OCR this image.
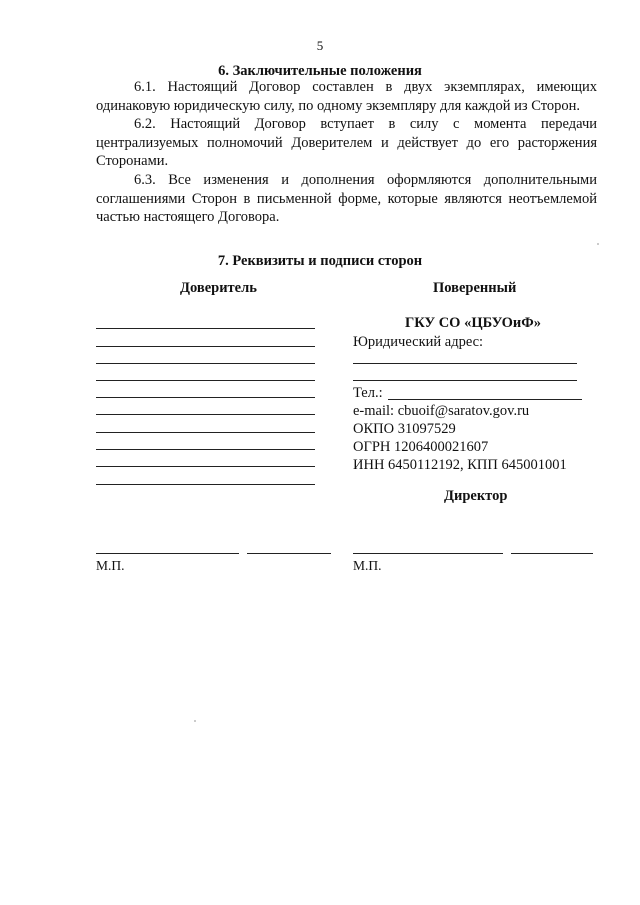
5
6. Заключительные положения

6.1. Настоящий Договор составлен в двух экземплярах, имеющих одинаковую юридическую силу, по одному экземпляру для каждой из Сторон.

6.2. Настоящий Договор вступает в силу с момента передачи централизуемых полномочий Доверителем и действует до его расторжения Сторонами.

6.3. Все изменения и дополнения оформляются дополнительными соглашениями Сторон в письменной форме, которые являются неотъемлемой частью настоящего Договора.

7. Реквизиты и подписи сторон
Доверитель	Поверенный
ГКУ СО «ЦБУОиФ»
Юридический адрес:
Тел.:
e-mail: cbuoif@saratov.gov.ru
ОКПО 31097529
ОГРН 1206400021607
ИНН 6450112192, КПП 645001001
Директор
М.П.	М.П.
